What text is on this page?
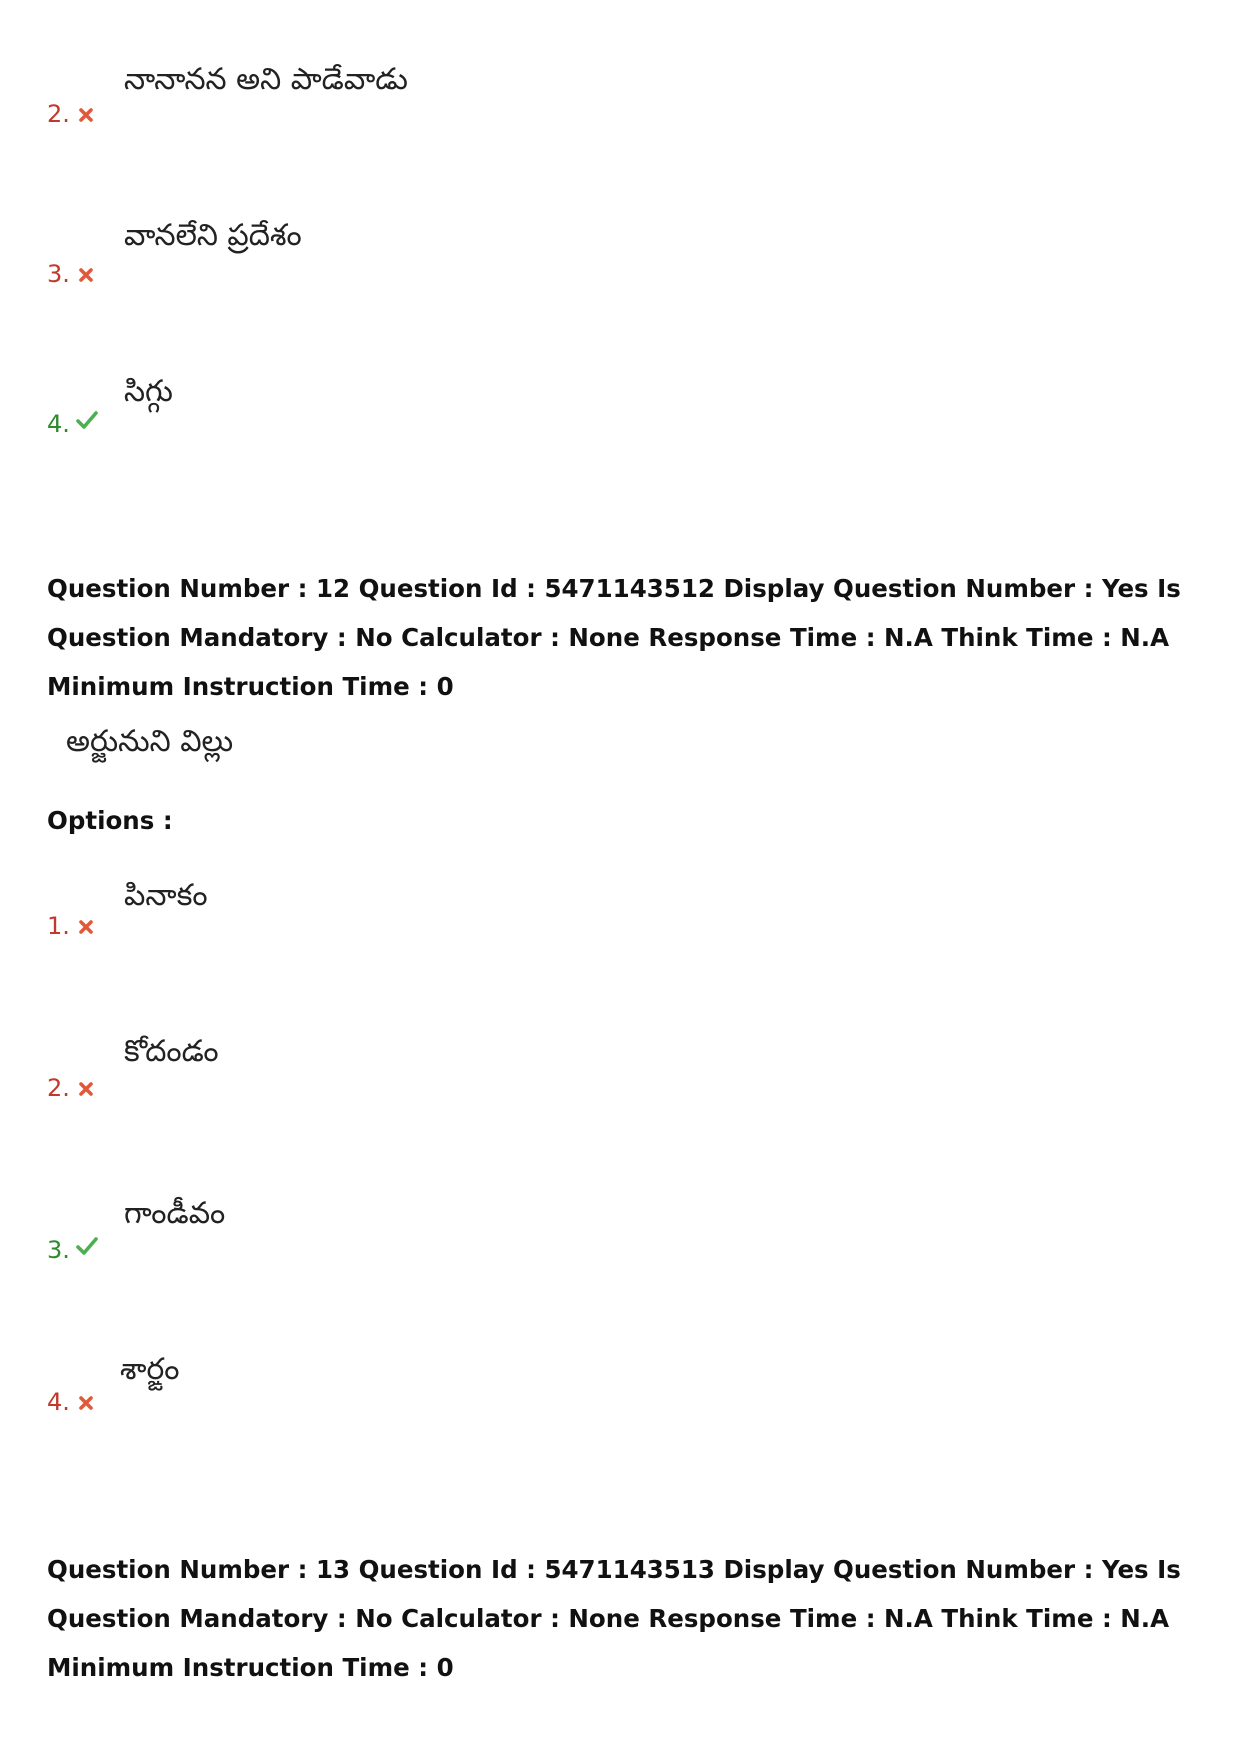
నానానన అని పాడేవాడు
2.
వానలేని ప్రదేశం
3.
సిగ్గు
4.
Question Number : 12 Question Id : 5471143512 Display Question Number : Yes Is Question Mandatory : No Calculator : None Response Time : N.A Think Time : N.A Minimum Instruction Time : 0
అర్జునుని విల్లు
Options :
పినాకం
1.
కోదండం
2.
గాండీవం
3.
శార్ఙం
4.
Question Number : 13 Question Id : 5471143513 Display Question Number : Yes Is Question Mandatory : No Calculator : None Response Time : N.A Think Time : N.A Minimum Instruction Time : 0
